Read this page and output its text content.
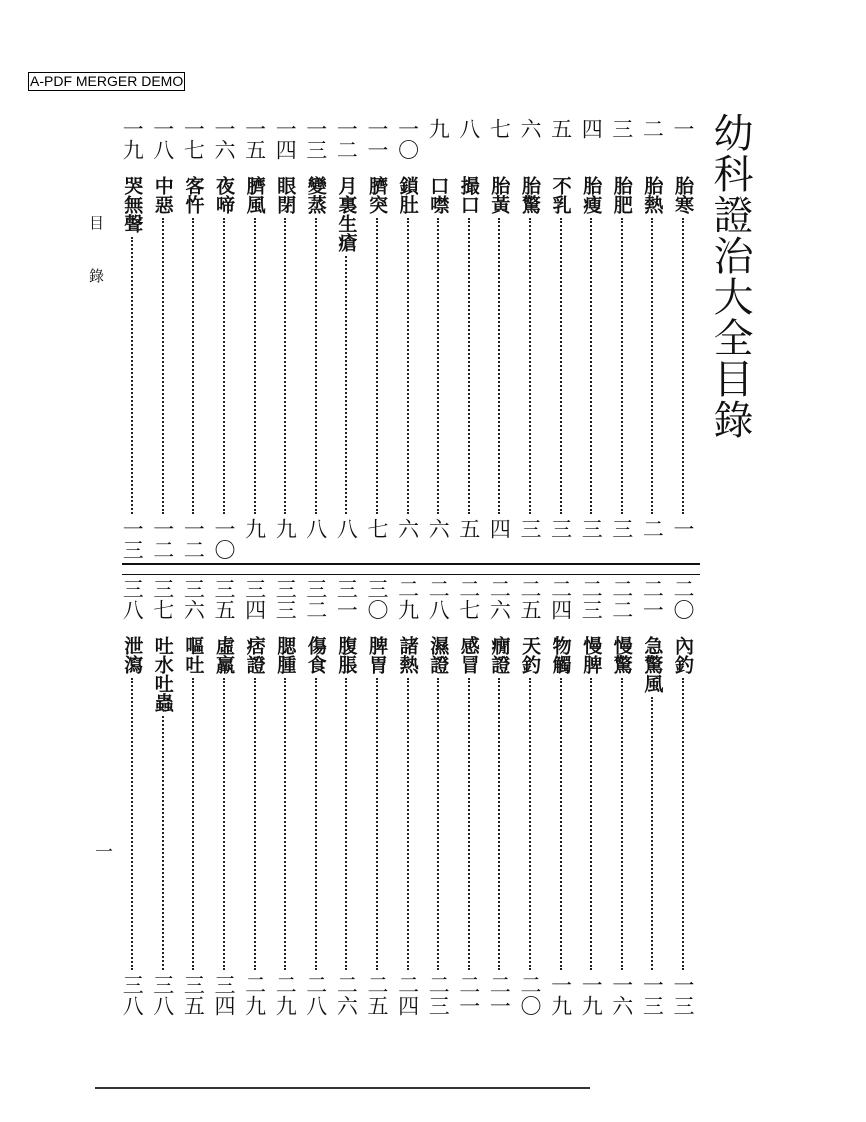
A-PDF MERGER DEMO
幼科證治大全目錄
目
錄
一
一
胎寒
一
二
胎熱
二
三
胎肥
三
四
胎瘦
三
五
不乳
三
六
胎驚
三
七
胎黃
四
八
撮口
五
九
口噤
六
一〇
鎖肚
六
一一
臍突
七
一二
月裏生瘡
八
一三
變蒸
八
一四
眼閉
九
一五
臍風
九
一六
夜啼
一〇
一七
客忤
一二
一八
中惡
一二
一九
哭無聲
一三
二〇
內釣
一三
二一
急驚風
一三
二二
慢驚
一六
二三
慢脾
一九
二四
物觸
一九
二五
天釣
二〇
二六
癇證
二一
二七
感冒
二一
二八
濕證
二三
二九
諸熱
二四
三〇
脾胃
二五
三一
腹脹
二六
三二
傷食
二八
三三
腮腫
二九
三四
痞證
二九
三五
虛羸
三四
三六
嘔吐
三五
三七
吐水吐蟲
三八
三八
泄瀉
三八
